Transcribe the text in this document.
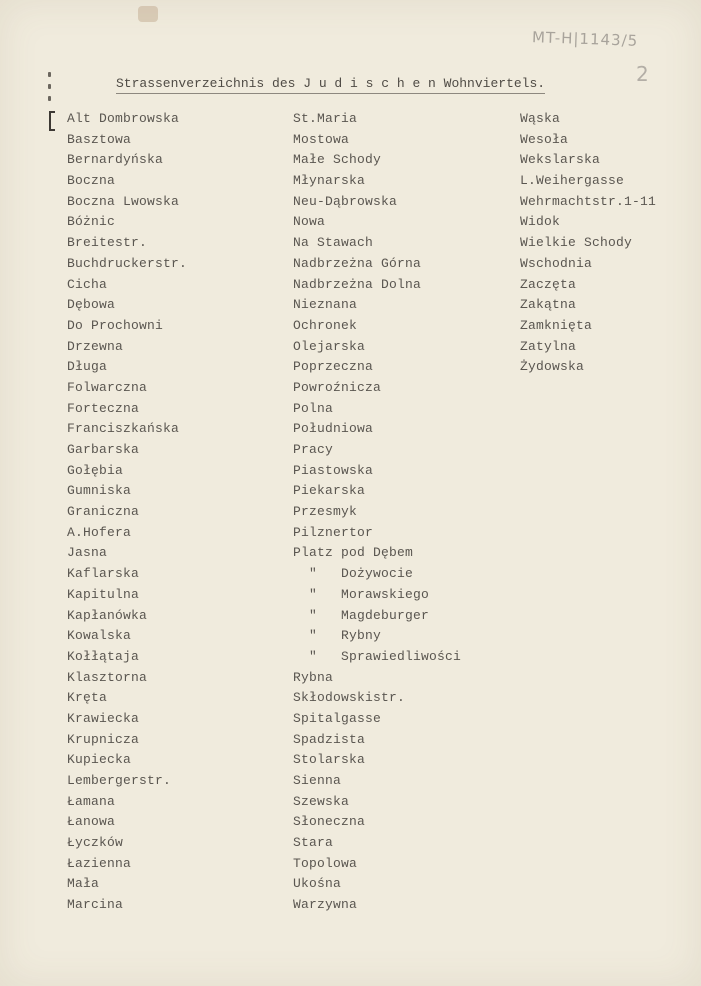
MT-H|1143/5
2
Strassenverzeichnis des J u d i s c h e n Wohnviertels.
Alt Dombrowska
Basztowa
Bernardyńska
Boczna
Boczna Lwowska
Bóżnic
Breitestr.
Buchdruckerstr.
Cicha
Dębowa
Do Prochowni
Drzewna
Długa
Folwarczna
Forteczna
Franciszkańska
Garbarska
Gołębia
Gumniska
Graniczna
A.Hofera
Jasna
Kaflarska
Kapitulna
Kapłanówka
Kowalska
Kołłątaja
Klasztorna
Kręta
Krawiecka
Krupnicza
Kupiecka
Lembergerstr.
Łamana
Łanowa
Łyczków
Łazienna
Mała
Marcina
St.Maria
Mostowa
Małe Schody
Młynarska
Neu-Dąbrowska
Nowa
Na Stawach
Nadbrzeżna Górna
Nadbrzeżna Dolna
Nieznana
Ochronek
Olejarska
Poprzeczna
Powroźnicza
Polna
Południowa
Pracy
Piastowska
Piekarska
Przesmyk
Pilznertor
Platz pod Dębem
"   Dożywocie
"   Morawskiego
"   Magdeburger
"   Rybny
"   Sprawiedliwości
Rybna
Skłodowskistr.
Spitalgasse
Spadzista
Stolarska
Sienna
Szewska
Słoneczna
Stara
Topolowa
Ukośna
Warzywna
Wąska
Wesoła
Wekslarska
L.Weihergasse
Wehrmachtstr.1-11
Widok
Wielkie Schody
Wschodnia
Zaczęta
Zakątna
Zamknięta
Zatylna
Żydowska
